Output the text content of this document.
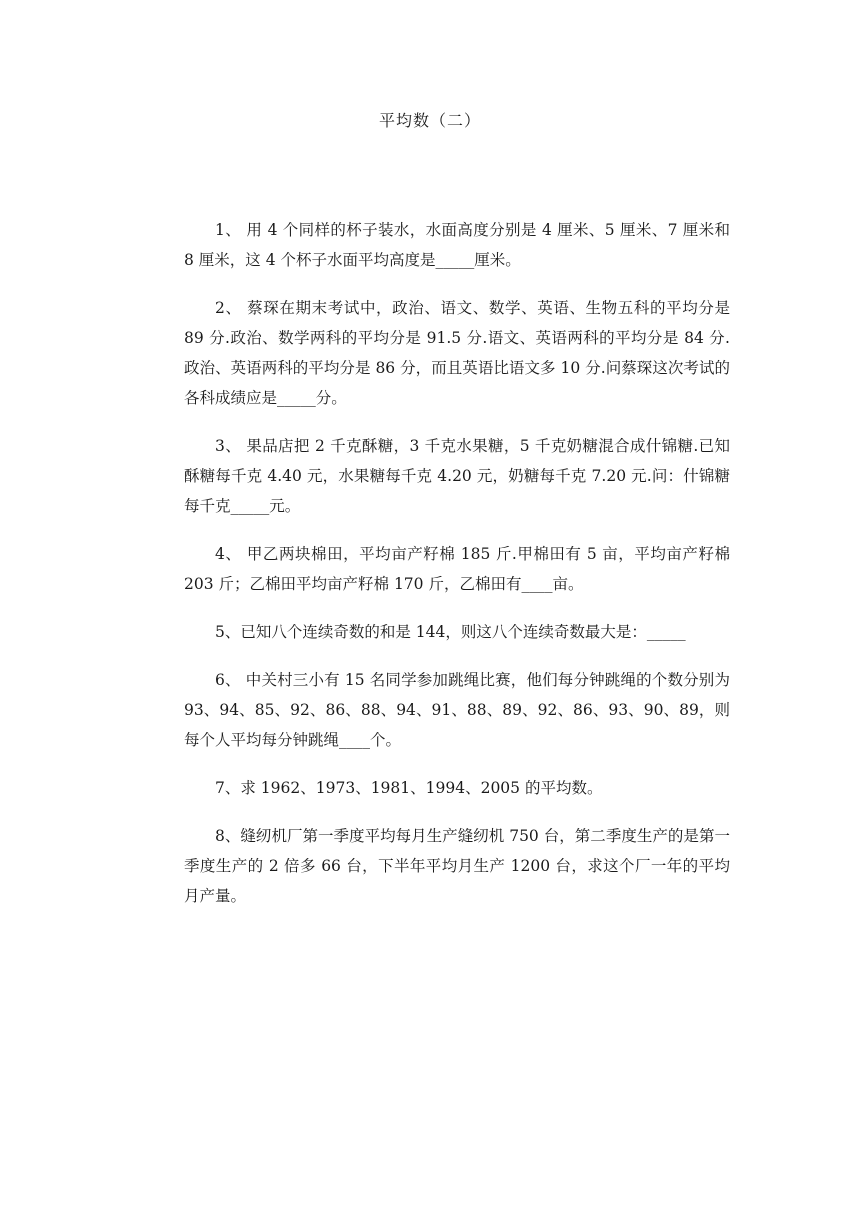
平均数（二）

1、 用 4 个同样的杯子装水，水面高度分别是 4 厘米、5 厘米、7 厘米和 8 厘米，这 4 个杯子水面平均高度是_____厘米。

2、 蔡琛在期末考试中，政治、语文、数学、英语、生物五科的平均分是 89 分.政治、数学两科的平均分是 91.5 分.语文、英语两科的平均分是 84 分.政治、英语两科的平均分是 86 分，而且英语比语文多 10 分.问蔡琛这次考试的各科成绩应是_____分。

3、 果品店把 2 千克酥糖，3 千克水果糖，5 千克奶糖混合成什锦糖.已知酥糖每千克 4.40 元，水果糖每千克 4.20 元，奶糖每千克 7.20 元.问：什锦糖每千克_____元。

4、 甲乙两块棉田，平均亩产籽棉 185 斤.甲棉田有 5 亩，平均亩产籽棉 203 斤；乙棉田平均亩产籽棉 170 斤，乙棉田有____亩。

5、已知八个连续奇数的和是 144，则这八个连续奇数最大是：_____

6、 中关村三小有 15 名同学参加跳绳比赛，他们每分钟跳绳的个数分别为 93、94、85、92、86、88、94、91、88、89、92、86、93、90、89，则每个人平均每分钟跳绳____个。

7、求 1962、1973、1981、1994、2005 的平均数。

8、缝纫机厂第一季度平均每月生产缝纫机 750 台，第二季度生产的是第一季度生产的 2 倍多 66 台，下半年平均月生产 1200 台，求这个厂一年的平均月产量。
